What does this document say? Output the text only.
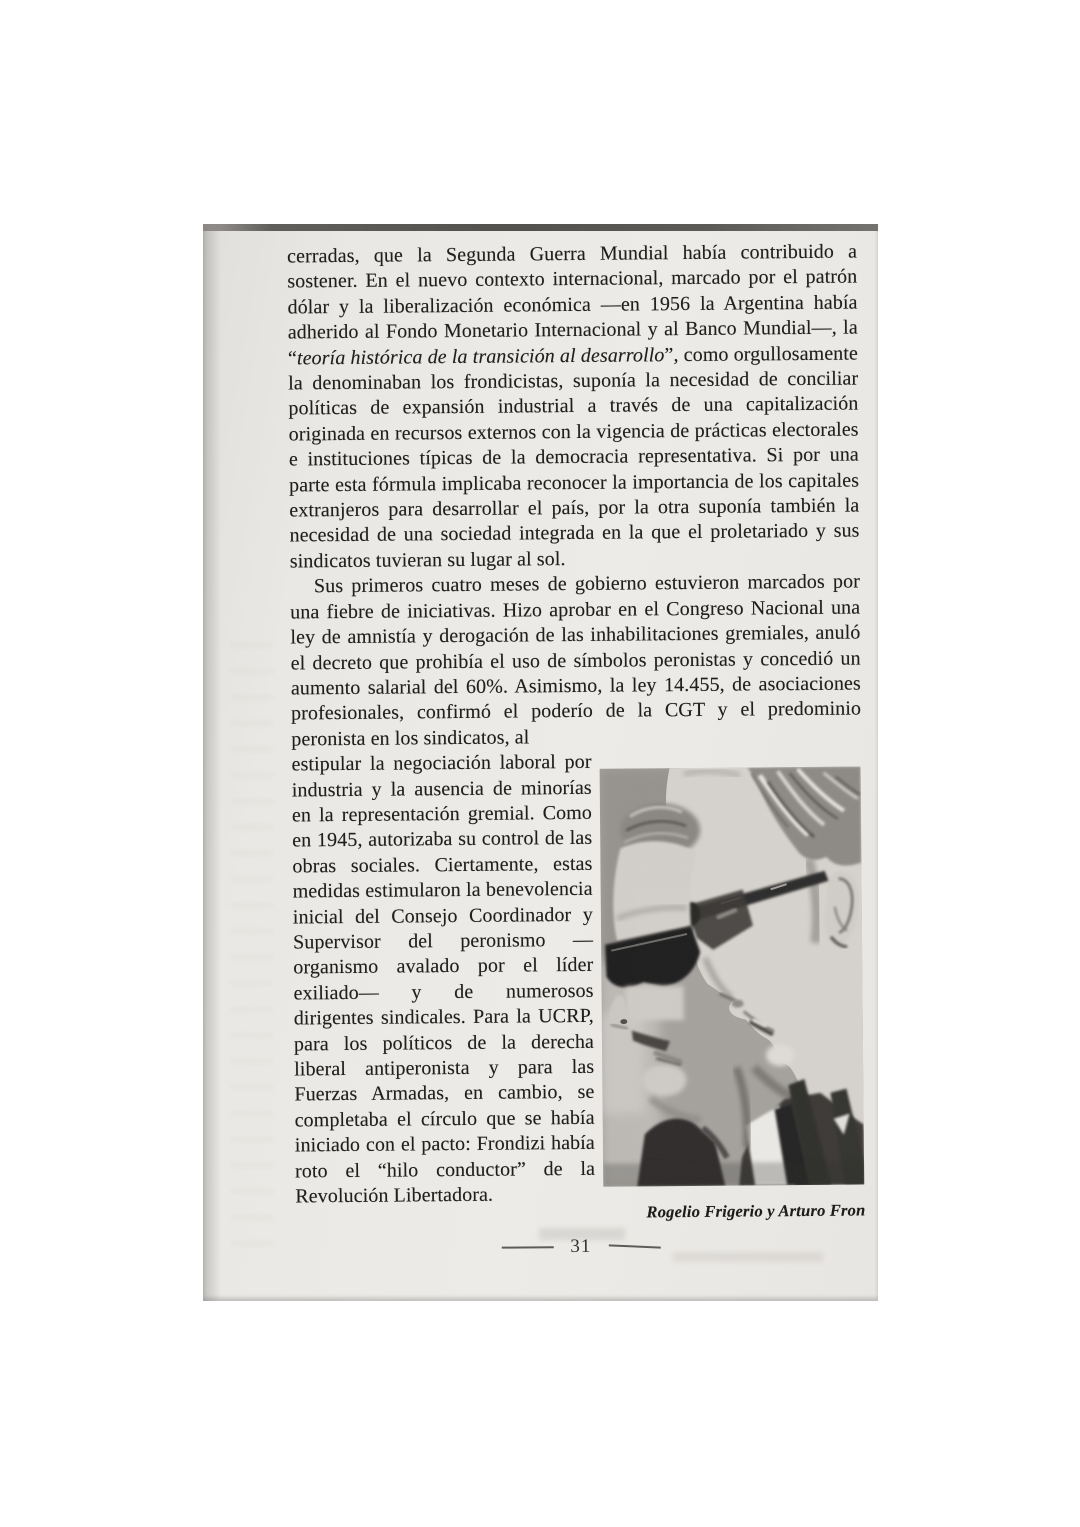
cerradas, que la Segunda Guerra Mundial había contribuido a sostener. En el nuevo contexto internacional, marcado por el patrón dólar y la liberalización económica —en 1956 la Argentina había adherido al Fondo Monetario Internacional y al Banco Mundial—, la “teoría histórica de la transición al desarrollo”, como orgullosamente la denominaban los frondicistas, suponía la necesidad de conciliar políticas de expansión industrial a través de una capitalización originada en recursos externos con la vigencia de prácticas electorales e instituciones típicas de la democracia representativa. Si por una parte esta fórmula implicaba reconocer la importancia de los capitales extranjeros para desarrollar el país, por la otra suponía también la necesidad de una sociedad integrada en la que el proletariado y sus sindicatos tuvieran su lugar al sol.

Sus primeros cuatro meses de gobierno estuvieron marcados por una fiebre de iniciativas. Hizo aprobar en el Congreso Nacional una ley de amnistía y derogación de las inhabilitaciones gremiales, anuló el decreto que prohibía el uso de símbolos peronistas y concedió un aumento salarial del 60%. Asimismo, la ley 14.455, de asociaciones profesionales, confirmó el poderío de la CGT y el predominio peronista en los sindicatos, al

estipular la negociación laboral por industria y la ausencia de minorías en la representación gremial. Como en 1945, autorizaba su control de las obras sociales. Ciertamente, estas medidas estimularon la benevolencia inicial del Consejo Coordinador y Supervisor del peronismo —organismo avalado por el líder exiliado— y de numerosos dirigentes sindicales. Para la UCRP, para los políticos de la derecha liberal antiperonista y para las Fuerzas Armadas, en cambio, se completaba el círculo que se había iniciado con el pacto: Frondizi había roto el “hilo conductor” de la Revolución Libertadora.

Rogelio Frigerio y Arturo Fron
31
